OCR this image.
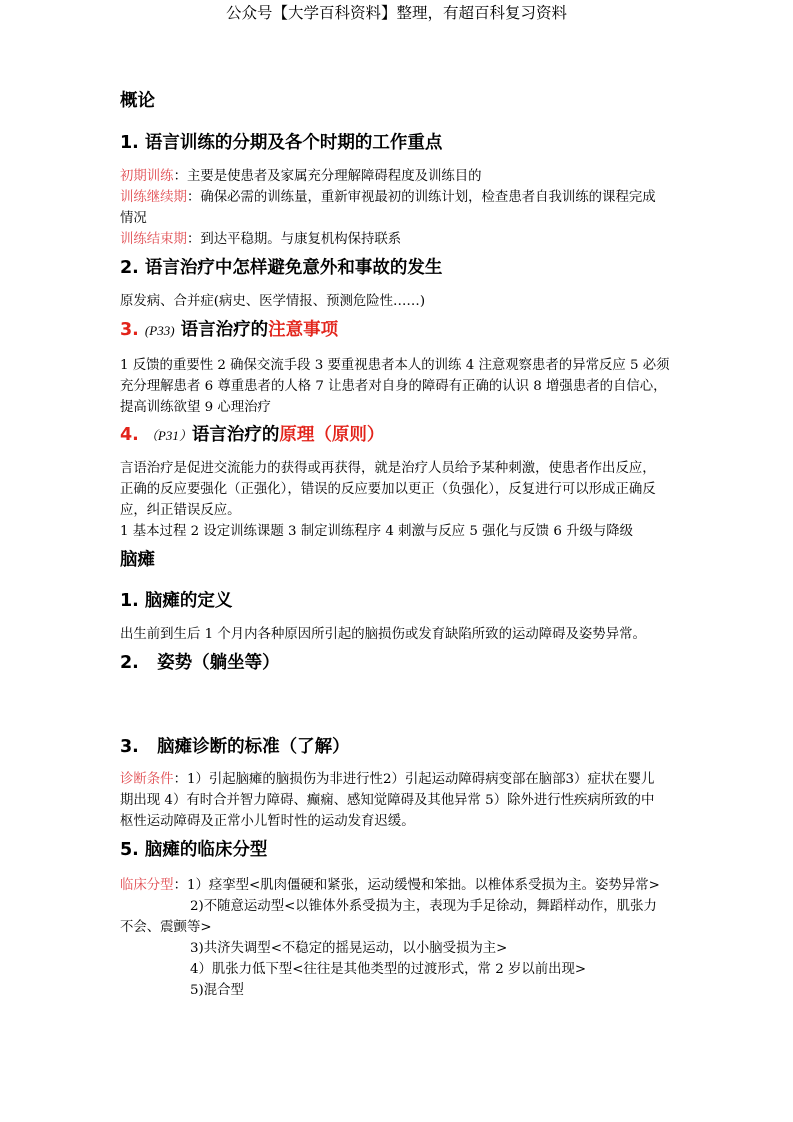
公众号【大学百科资料】整理，有超百科复习资料
概论
1. 语言训练的分期及各个时期的工作重点
初期训练：主要是使患者及家属充分理解障碍程度及训练目的
训练继续期：确保必需的训练量，重新审视最初的训练计划，检查患者自我训练的课程完成
情况
训练结束期：到达平稳期。与康复机构保持联系
2. 语言治疗中怎样避免意外和事故的发生
原发病、合并症(病史、医学情报、预测危险性……)
3. (P33) 语言治疗的注意事项
1 反馈的重要性 2 确保交流手段 3 要重视患者本人的训练 4 注意观察患者的异常反应 5 必须
充分理解患者 6 尊重患者的人格 7 让患者对自身的障碍有正确的认识 8 增强患者的自信心，
提高训练欲望 9 心理治疗
4. （P31）语言治疗的原理（原则）
言语治疗是促进交流能力的获得或再获得，就是治疗人员给予某种刺激，使患者作出反应，
正确的反应要强化（正强化），错误的反应要加以更正（负强化），反复进行可以形成正确反
应，纠正错误反应。
1 基本过程 2 设定训练课题 3 制定训练程序 4 刺激与反应 5 强化与反馈 6 升级与降级
脑瘫
1. 脑瘫的定义
出生前到生后 1 个月内各种原因所引起的脑损伤或发育缺陷所致的运动障碍及姿势异常。
2. 姿势（躺坐等）
3. 脑瘫诊断的标准（了解）
诊断条件：1）引起脑瘫的脑损伤为非进行性2）引起运动障碍病变部在脑部3）症状在婴儿
期出现 4）有时合并智力障碍、癫痫、感知觉障碍及其他异常 5）除外进行性疾病所致的中
枢性运动障碍及正常小儿暂时性的运动发育迟缓。
5. 脑瘫的临床分型
临床分型：1）痉挛型<肌肉僵硬和紧张，运动缓慢和笨拙。以椎体系受损为主。姿势异常>
2)不随意运动型<以锥体外系受损为主，表现为手足徐动，舞蹈样动作，肌张力
不会、震颤等>
3)共济失调型<不稳定的摇晃运动，以小脑受损为主>
4）肌张力低下型<往往是其他类型的过渡形式，常 2 岁以前出现>
5)混合型
